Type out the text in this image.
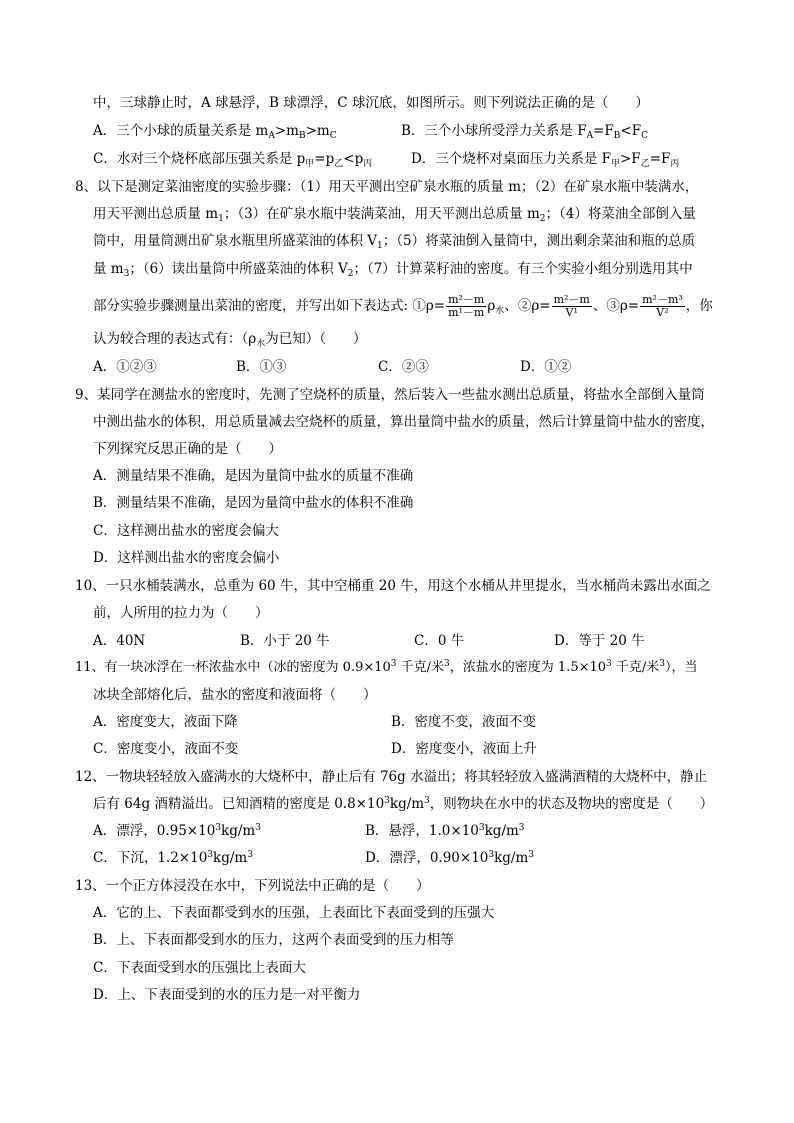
中，三球静止时，A 球悬浮，B 球漂浮，C 球沉底，如图所示。则下列说法正确的是（　　）
A．三个小球的质量关系是 $m_A>m_B>m_C$	B．三个小球所受浮力关系是 $F_A=F_B<F_C$
C．水对三个烧杯底部压强关系是 $p_甲=p_乙<p_丙$	D．三个烧杯对桌面压力关系是 $F_甲>F_乙=F_丙$
8、以下是测定菜油密度的实验步骤：（1）用天平测出空矿泉水瓶的质量 m；（2）在矿泉水瓶中装满水，
用天平测出总质量 $m_1$；（3）在矿泉水瓶中装满菜油，用天平测出总质量 $m_2$；（4）将菜油全部倒入量
筒中，用量筒测出矿泉水瓶里所盛菜油的体积 $V_1$；（5）将菜油倒入量筒中，测出剩余菜油和瓶的总质
量 $m_3$；（6）读出量筒中所盛菜油的体积 $V_2$；（7）计算菜籽油的密度。有三个实验小组分别选用其中
部分实验步骤测量出菜油的密度，并写出如下表达式: ①ρ= $\frac{\text{m²－m}}{\text{m¹－m}} \rho_水$、②ρ= $\frac{\text{m²－m}}{\text{V¹}}$ 、③ρ= $\frac{\text{m²－m³}}{\text{V²}}$ ，你
认为较合理的表达式有：（$\rho_水$为已知）（　　）
A．①②③	B．①③	C．②③	D．①②
9、某同学在测盐水的密度时，先测了空烧杯的质量，然后装入一些盐水测出总质量，将盐水全部倒入量筒
中测出盐水的体积，用总质量减去空烧杯的质量，算出量筒中盐水的质量，然后计算量筒中盐水的密度，
下列探究反思正确的是（　　）
A．测量结果不准确，是因为量筒中盐水的质量不准确
B．测量结果不准确，是因为量筒中盐水的体积不准确
C．这样测出盐水的密度会偏大
D．这样测出盐水的密度会偏小
10、一只水桶装满水，总重为 60 牛，其中空桶重 20 牛，用这个水桶从井里提水，当水桶尚未露出水面之
前，人所用的拉力为（　　）
A．40N	B．小于 20 牛	C．0 牛	D．等于 20 牛
11、有一块冰浮在一杯浓盐水中（冰的密度为 $0.9\times 10^3$ 千克/米$^3$，浓盐水的密度为 $1.5\times 10^3$ 千克/米$^3$），当
冰块全部熔化后，盐水的密度和液面将（　　）
A．密度变大，液面下降	B．密度不变，液面不变
C．密度变小，液面不变	D．密度变小，液面上升
12、一物块轻轻放入盛满水的大烧杯中，静止后有 76g 水溢出；将其轻轻放入盛满酒精的大烧杯中，静止
后有 64g 酒精溢出。已知酒精的密度是 $0.8\times 10^3kg/m^3$，则物块在水中的状态及物块的密度是（　　）
A．漂浮，$0.95\times 10^3kg/m^3$	B．悬浮，$1.0\times 10^3kg/m^3$
C．下沉，$1.2\times 10^3kg/m^3$	D．漂浮，$0.90\times 10^3kg/m^3$
13、一个正方体浸没在水中，下列说法中正确的是（　　）
A．它的上、下表面都受到水的压强，上表面比下表面受到的压强大
B．上、下表面都受到水的压力，这两个表面受到的压力相等
C．下表面受到水的压强比上表面大
D．上、下表面受到的水的压力是一对平衡力
